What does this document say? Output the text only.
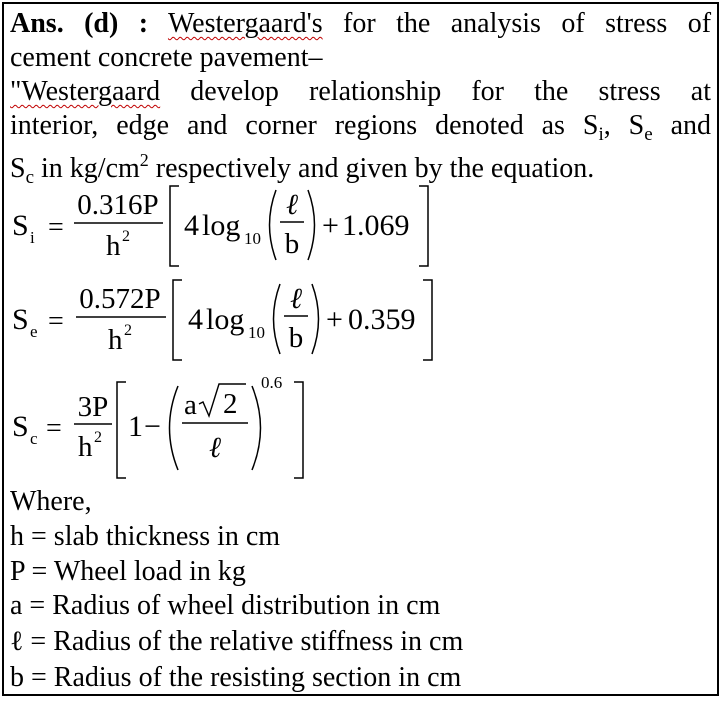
Ans. (d) : Westergaard's for the analysis of stress of
cement concrete pavement–
"Westergaard develop relationship for the stress at
interior, edge and corner regions denoted as $S_i$, $S_e$ and
$S_c$ in $kg/cm^2$ respectively and given by the equation.
S i =
0.316P
h 2 4 log 10
ℓ
b
+ 1.069
S e =
0.572P
h 2 4 log 10
ℓ
b
+ 0.359
S c =
3P
h 2 1 −
a 2
ℓ
0.6
Where,
h = slab thickness in cm
P = Wheel load in kg
a = Radius of wheel distribution in cm
ℓ = Radius of the relative stiffness in cm
b = Radius of the resisting section in cm
